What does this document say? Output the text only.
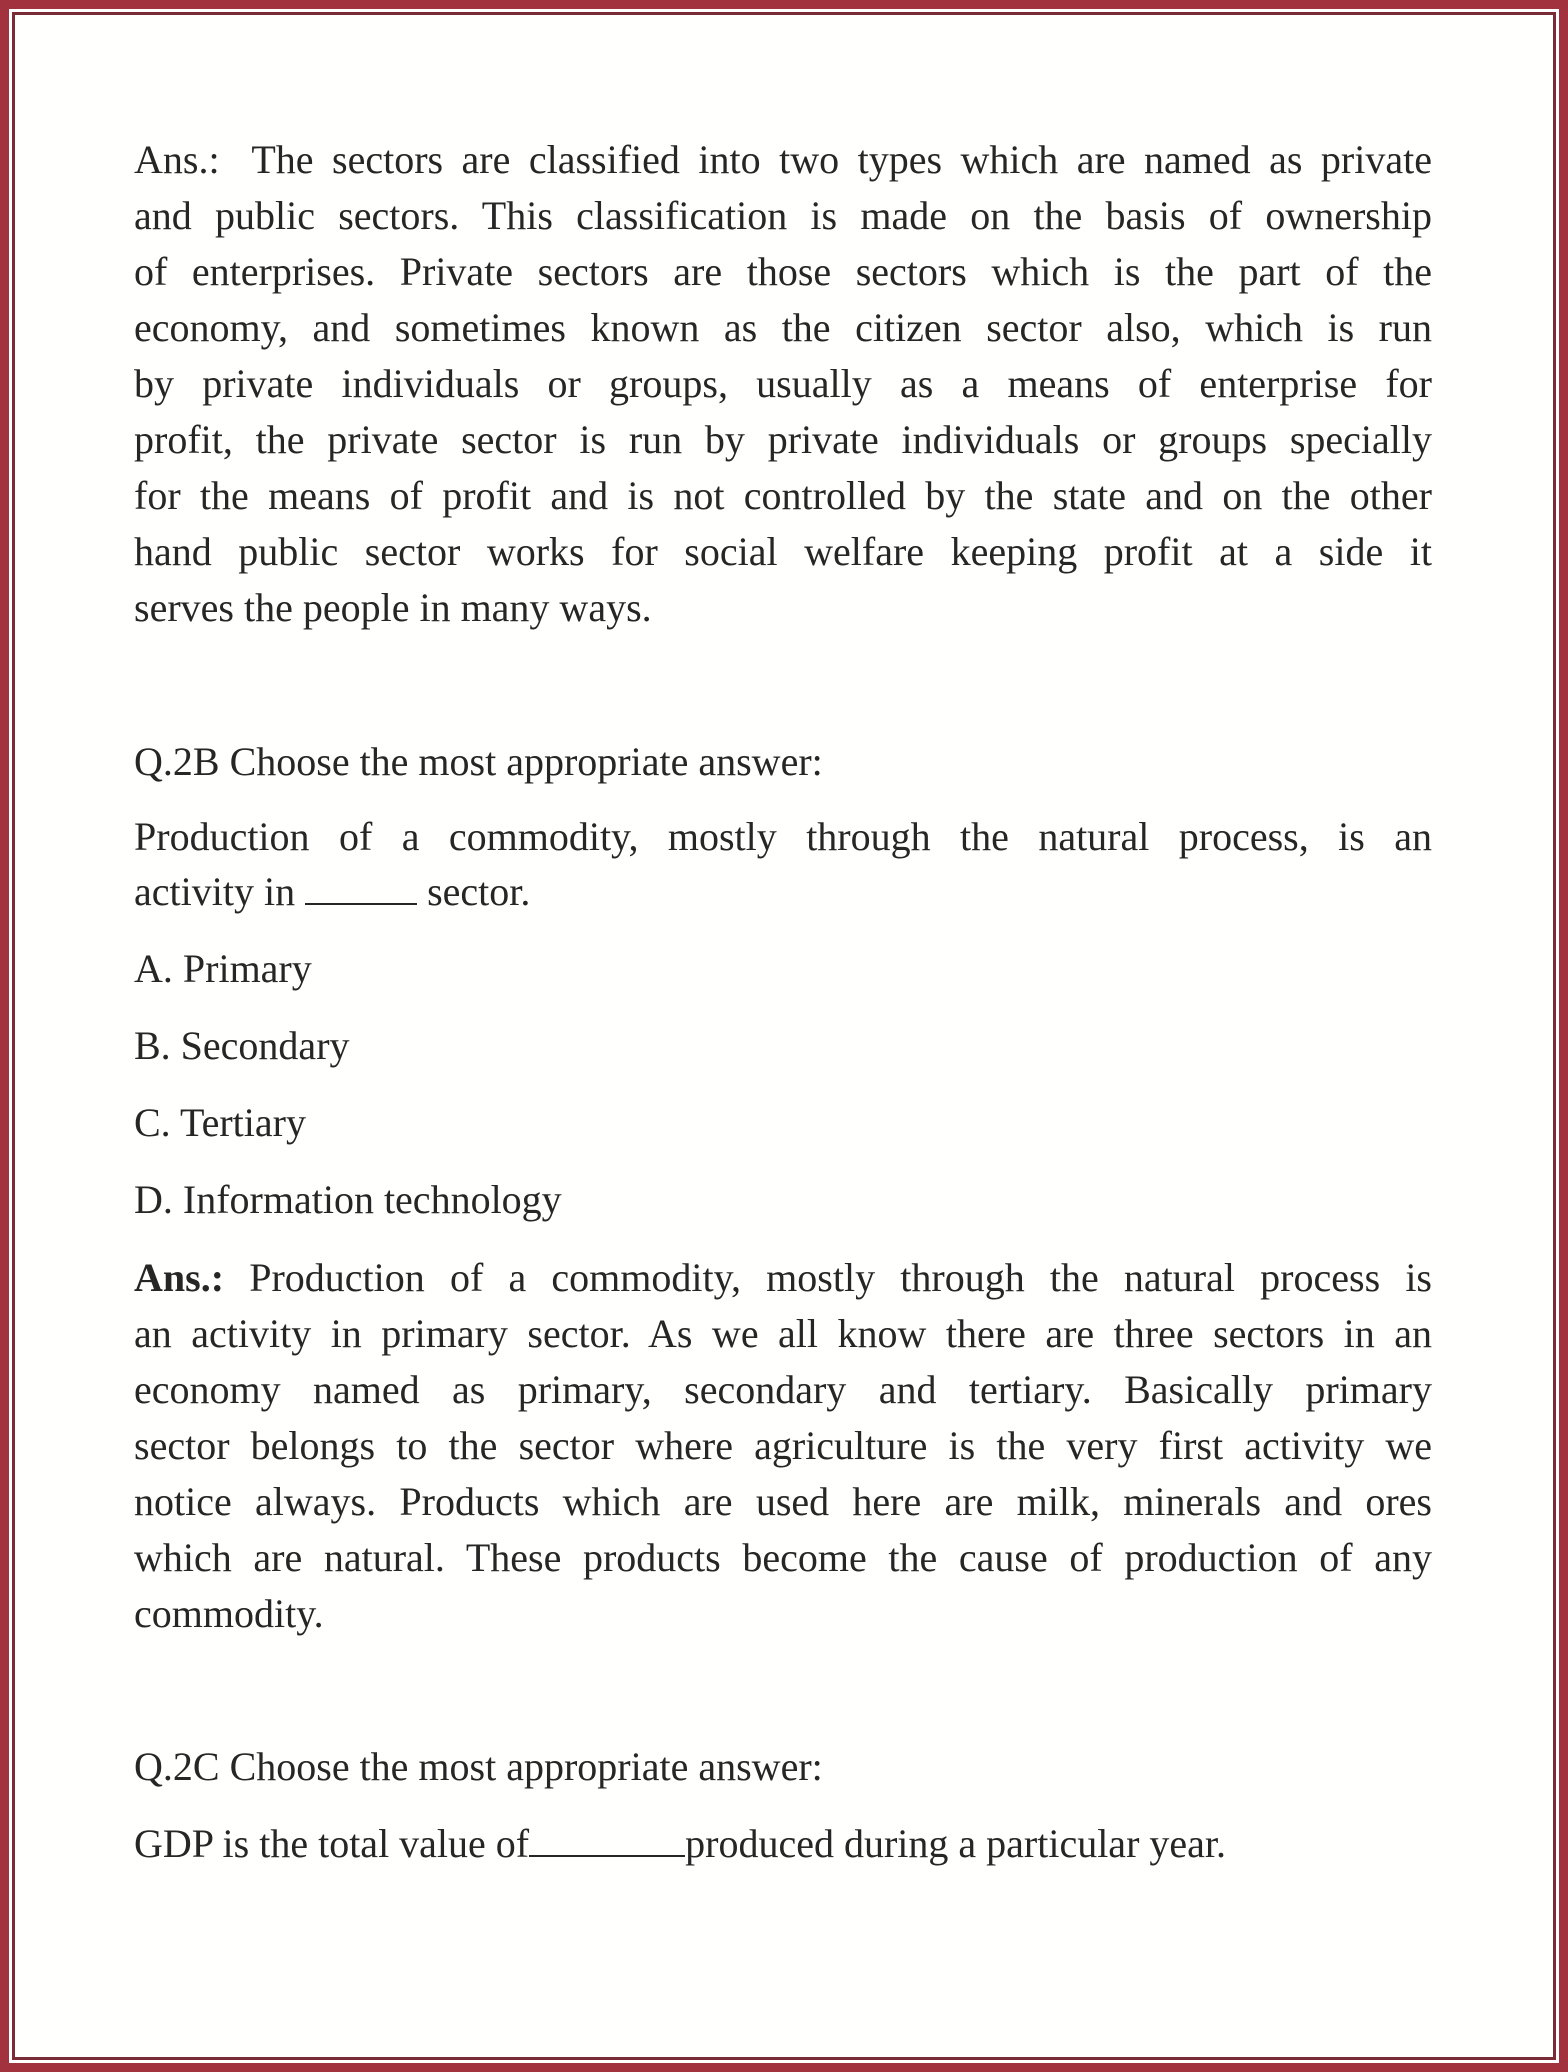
Ans.: The sectors are classified into two types which are named as private
and public sectors. This classification is made on the basis of ownership
of enterprises. Private sectors are those sectors which is the part of the
economy, and sometimes known as the citizen sector also, which is run
by private individuals or groups, usually as a means of enterprise for
profit, the private sector is run by private individuals or groups specially
for the means of profit and is not controlled by the state and on the other
hand public sector works for social welfare keeping profit at a side it
serves the people in many ways.
Q.2B Choose the most appropriate answer:
Production of a commodity, mostly through the natural process, is an
activity in	sector.
A. Primary
B. Secondary
C. Tertiary
D. Information technology
Ans.: Production of a commodity, mostly through the natural process is
an activity in primary sector. As we all know there are three sectors in an
economy named as primary, secondary and tertiary. Basically primary
sector belongs to the sector where agriculture is the very first activity we
notice always. Products which are used here are milk, minerals and ores
which are natural. These products become the cause of production of any
commodity.
Q.2C Choose the most appropriate answer:
GDP is the total value of	produced during a particular year.
